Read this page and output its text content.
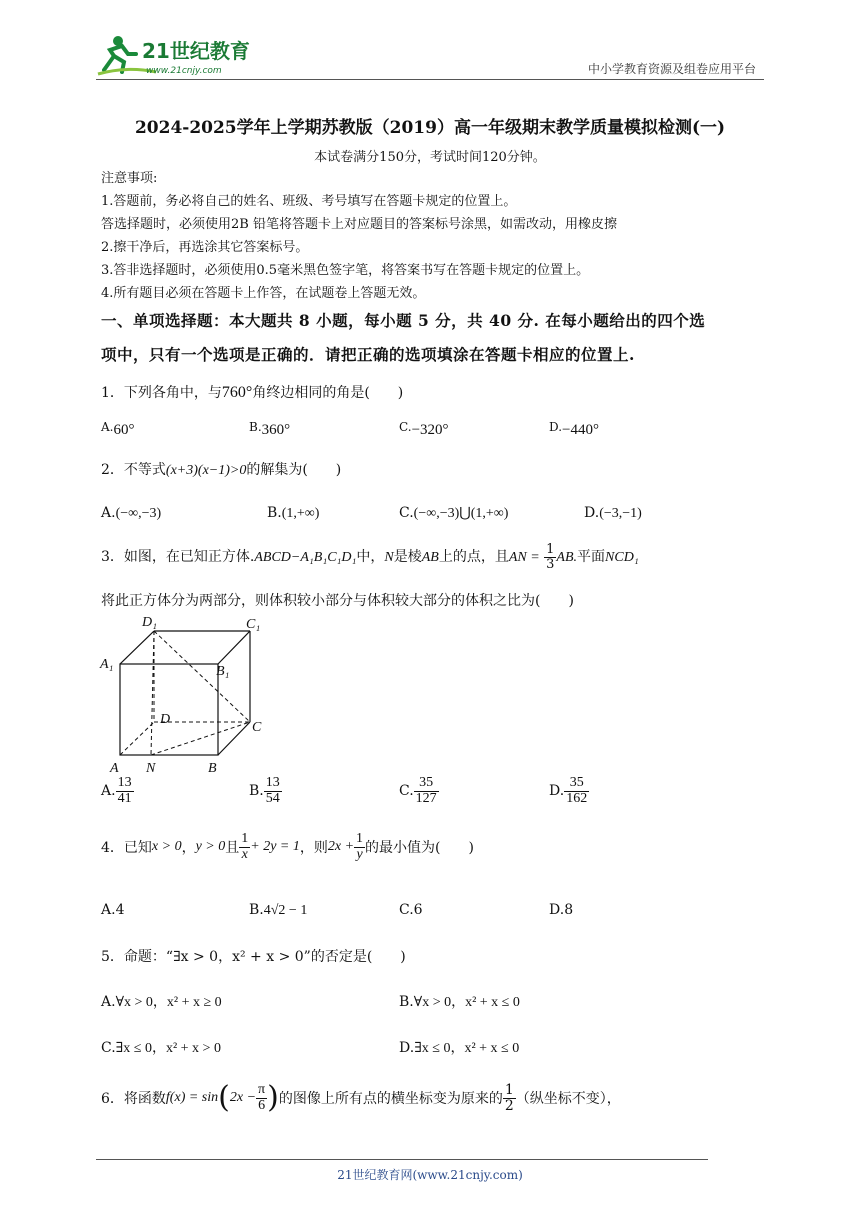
21世纪教育
www.21cnjy.com	中小学教育资源及组卷应用平台
2024-2025学年上学期苏教版（2019）高一年级期末教学质量模拟检测(一)
本试卷满分150分，考试时间120分钟。
注意事项:
1.答题前，务必将自己的姓名、班级、考号填写在答题卡规定的位置上。
答选择题时，必须使用2B 铅笔将答题卡上对应题目的答案标号涂黑，如需改动，用橡皮擦
2.擦干净后，再选涂其它答案标号。
3.答非选择题时，必须使用0.5毫米黑色签字笔，将答案书写在答题卡规定的位置上。
4.所有题目必须在答题卡上作答，在试题卷上答题无效。
一、单项选择题：本大题共 8 小题，每小题 5 分，共 40 分. 在每小题给出的四个选
项中，只有一个选项是正确的．请把正确的选项填涂在答题卡相应的位置上.
1．下列各角中，与760°角终边相同的角是(　　)
A.60°	B.360°	C.−320°	D.−440°
2．不等式(x+3)(x−1)>0的解集为(　　)
A.(−∞,−3)	B.(1,+∞)	C.(−∞,−3)⋃(1,+∞)	D.(−3,−1)
3．如图，在已知正方体.ABCD−A₁B₁C₁D₁中，N是棱AB上的点，且AN = $\frac{1}{3}$ AB.平面NCD₁
将此正方体分为两部分，则体积较小部分与体积较大部分的体积之比为(　　)
D₁	C₁
A₁	B₁
D
C
A N	B
A. $\frac{13}{41}$	B. $\frac{13}{54}$	C. $\frac{35}{127}$	D. $\frac{35}{162}$
4．已知x > 0，y > 0且 $\frac{1}{x} + 2y = 1$，则$2x + \frac{1}{y}$ 的最小值为(　　)
A.4	B.4√2 − 1	C.6	D.8
5．命题：“∃x > 0，x² + x > 0”的否定是(　　)
A.∀x > 0，x² + x ≥ 0	B.∀x > 0，x² + x ≤ 0
C.∃x ≤ 0，x² + x > 0	D.∃x ≤ 0，x² + x ≤ 0
6．将函数$f(x) = \sin(2x - \frac{\pi}{6}$ )的图像上所有点的横坐标变为原来的 $\frac{1}{2}$ （纵坐标不变），
21世纪教育网(www.21cnjy.com)
